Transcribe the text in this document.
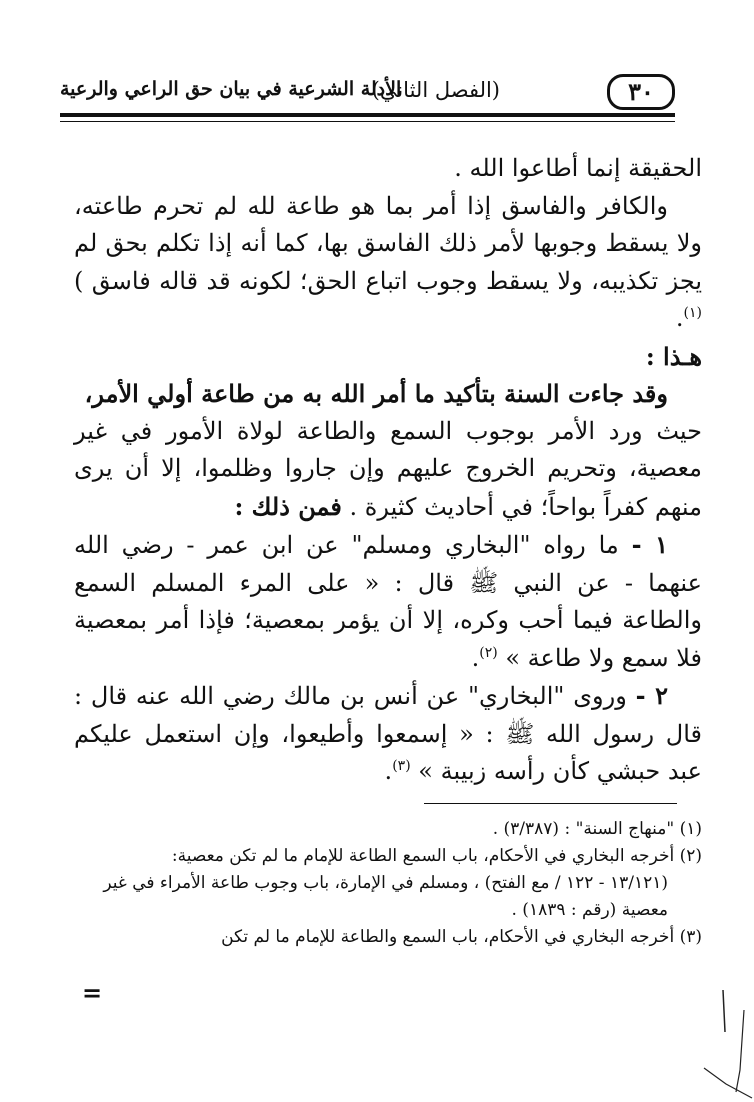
٣٠
(الفصل الثاني)
الأدلة الشرعية في بيان حق الراعي والرعية

الحقيقة إنما أطاعوا الله .

والكافر والفاسق إذا أمر بما هو طاعة لله لم تحرم طاعته، ولا يسقط وجوبها لأمر ذلك الفاسق بها، كما أنه إذا تكلم بحق لم يجز تكذيبه، ولا يسقط وجوب اتباع الحق؛ لكونه قد قاله فاسق ) $^{(١)}$.

هـذا :

وقد جاءت السنة بتأكيد ما أمر الله به من طاعة أولي الأمر،

حيث ورد الأمر بوجوب السمع والطاعة لولاة الأمور في غير معصية، وتحريم الخروج عليهم وإن جاروا وظلموا، إلا أن يرى منهم كفراً بواحاً؛ في أحاديث كثيرة . فمن ذلك :

١ - ما رواه "البخاري ومسلم" عن ابن عمر - رضي الله عنهما - عن النبي ﷺ قال : « على المرء المسلم السمع والطاعة فيما أحب وكره، إلا أن يؤمر بمعصية؛ فإذا أمر بمعصية فلا سمع ولا طاعة » $^{(٢)}$.

٢ - وروى "البخاري" عن أنس بن مالك رضي الله عنه قال : قال رسول الله ﷺ : « إسمعوا وأطيعوا، وإن استعمل عليكم عبد حبشي كأن رأسه زبيبة » $^{(٣)}$.

(١) "منهاج السنة" : (٣/٣٨٧) .

(٢) أخرجه البخاري في الأحكام، باب السمع الطاعة للإمام ما لم تكن معصية:

(١٣/١٢١ - ١٢٢ / مع الفتح) ، ومسلم في الإمارة، باب وجوب طاعة الأمراء في غير معصية (رقم : ١٨٣٩) .

(٣) أخرجه البخاري في الأحكام، باب السمع والطاعة للإمام ما لم تكن

=
